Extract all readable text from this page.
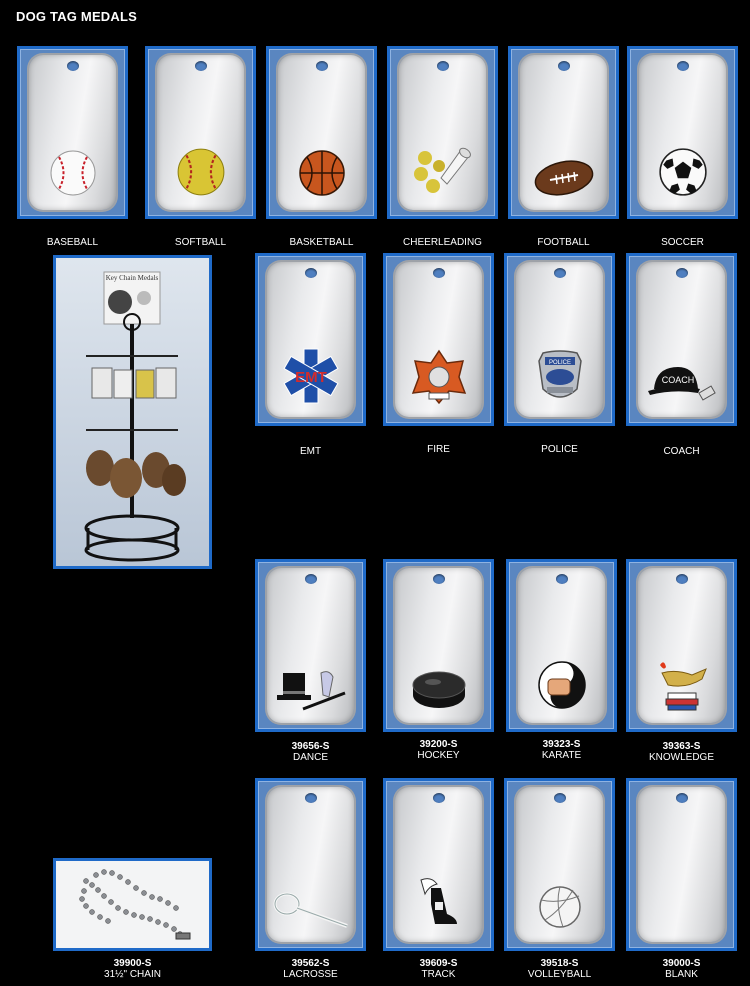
DOG TAG MEDALS
BASEBALL	SOFTBALL	BASKETBALL	CHEERLEADING	FOOTBALL	SOCCER
Key Chain Medals
EMT
EMT	FIRE
POLICE
POLICE
COACH
COACH
39656-S
DANCE
39200-S
HOCKEY
39323-S
KARATE
39363-S
KNOWLEDGE
39562-S
LACROSSE
39609-S
TRACK
39518-S
VOLLEYBALL
39000-S
BLANK
39900-S
31½" CHAIN
